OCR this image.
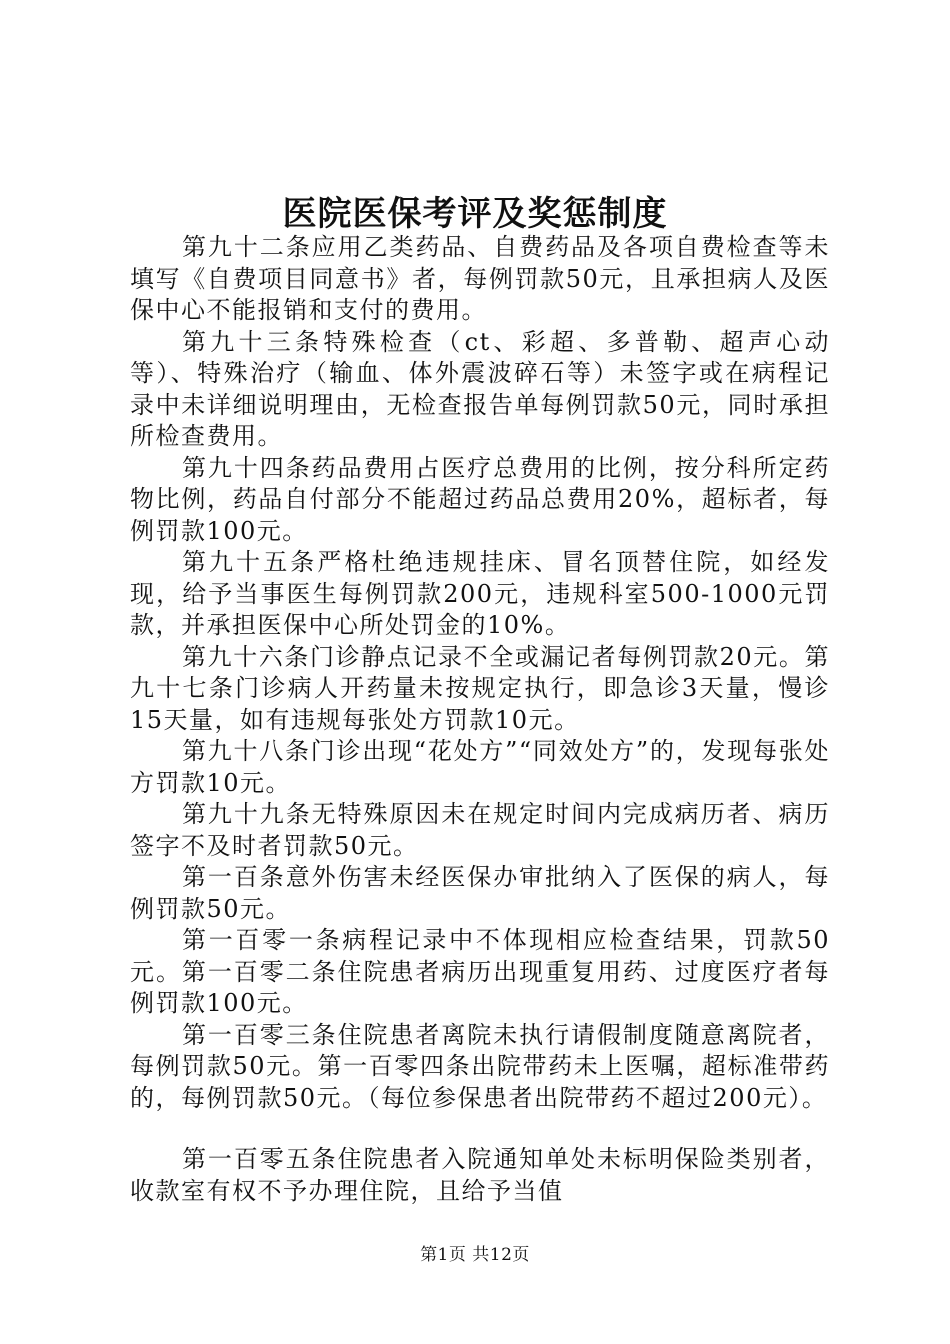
医院医保考评及奖惩制度

第九十二条应用乙类药品、自费药品及各项自费检查等未填写《自费项目同意书》者，每例罚款50元，且承担病人及医保中心不能报销和支付的费用。

第九十三条特殊检查（ct、彩超、多普勒、超声心动等）、特殊治疗（输血、体外震波碎石等）未签字或在病程记录中未详细说明理由，无检查报告单每例罚款50元，同时承担所检查费用。

第九十四条药品费用占医疗总费用的比例，按分科所定药物比例，药品自付部分不能超过药品总费用20%，超标者，每例罚款100元。

第九十五条严格杜绝违规挂床、冒名顶替住院，如经发现，给予当事医生每例罚款200元，违规科室500-1000元罚款，并承担医保中心所处罚金的10%。

第九十六条门诊静点记录不全或漏记者每例罚款20元。第九十七条门诊病人开药量未按规定执行，即急诊3天量，慢诊15天量，如有违规每张处方罚款10元。

第九十八条门诊出现“花处方”“同效处方”的，发现每张处方罚款10元。

第九十九条无特殊原因未在规定时间内完成病历者、病历签字不及时者罚款50元。

第一百条意外伤害未经医保办审批纳入了医保的病人，每例罚款50元。

第一百零一条病程记录中不体现相应检查结果，罚款50元。第一百零二条住院患者病历出现重复用药、过度医疗者每例罚款100元。

第一百零三条住院患者离院未执行请假制度随意离院者，每例罚款50元。第一百零四条出院带药未上医嘱，超标准带药的，每例罚款50元。（每位参保患者出院带药不超过200元）。

第一百零五条住院患者入院通知单处未标明保险类别者，收款室有权不予办理住院，且给予当值

第1页 共12页
